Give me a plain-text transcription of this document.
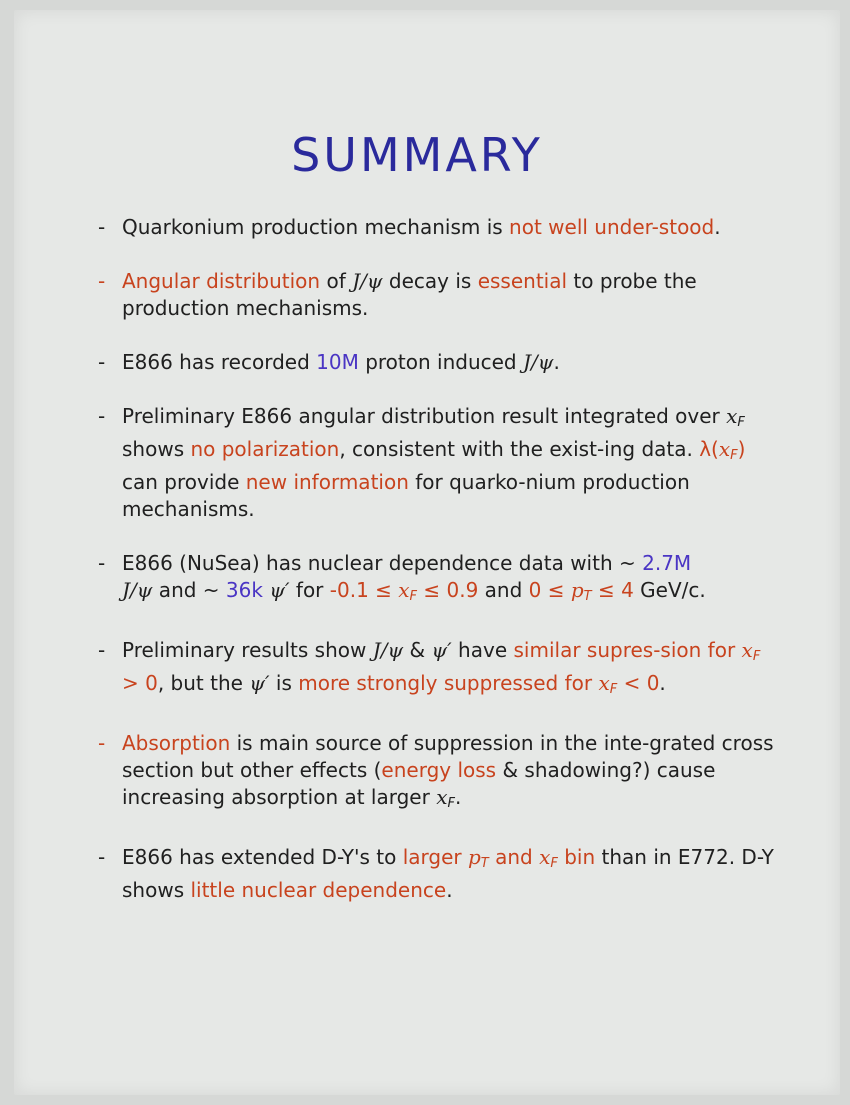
SUMMARY
- Quarkonium production mechanism is not well under-stood.
- Angular distribution of J/ψ decay is essential to probe the production mechanisms.
- E866 has recorded 10M proton induced J/ψ.
- Preliminary E866 angular distribution result integrated over $x_F$ shows no polarization, consistent with the exist-ing data. $\lambda(x_F)$ can provide new information for quarko-nium production mechanisms.
- E866 (NuSea) has nuclear dependence data with ~ 2.7M
J/ψ and ~ 36k ψ′ for $-0.1 \le x_F \le 0.9$ and $0 \le p_T \le 4$ GeV/c.
- Preliminary results show J/ψ & ψ′ have similar supres-sion for $x_F > 0$, but the ψ′ is more strongly suppressed for $x_F < 0$.
- Absorption is main source of suppression in the inte-grated cross section but other effects (energy loss & shadowing?) cause increasing absorption at larger $x_F$.
- E866 has extended D-Y's to larger $p_T$ and $x_F$ bin than in E772. D-Y shows little nuclear dependence.
